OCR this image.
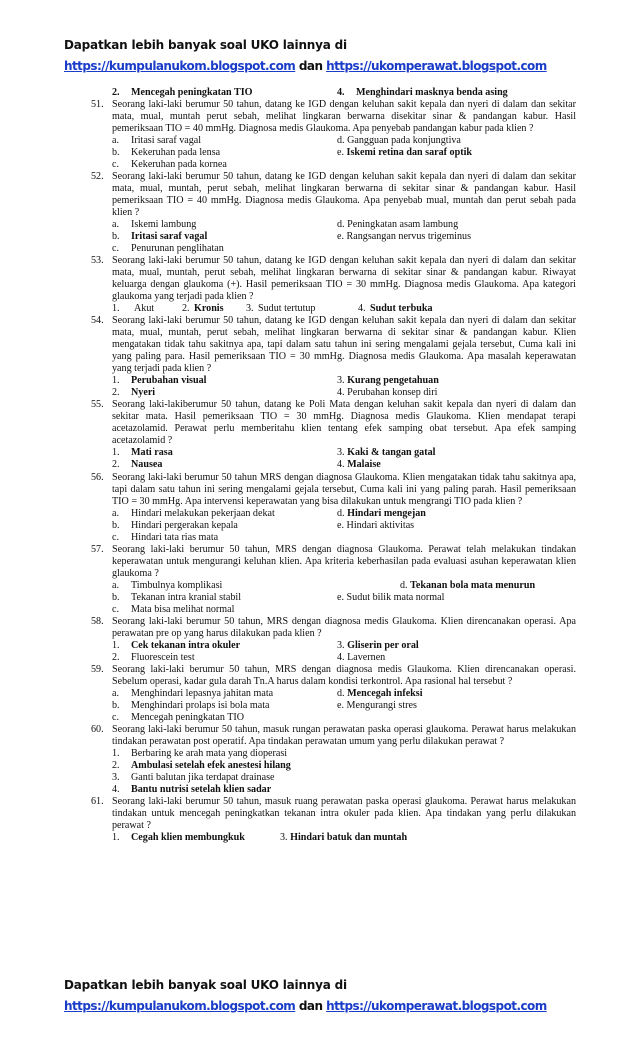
Dapatkan lebih banyak soal UKO lainnya di
https://kumpulanukom.blogspot.com dan https://ukomperawat.blogspot.com
2. Mencegah peningkatan TIO	4. Menghindari masknya benda asing
51. Seorang laki-laki berumur 50 tahun, datang ke IGD dengan keluhan sakit kepala dan nyeri di dalam dan sekitar mata, mual, muntah perut sebah, melihat lingkaran berwarna disekitar sinar & pandangan kabur. Hasil pemeriksaan TIO = 40 mmHg. Diagnosa medis Glaukoma. Apa penyebab pandangan kabur pada klien ?
a. Iritasi saraf vagal	d. Gangguan pada konjungtiva
b. Kekeruhan pada lensa	e. Iskemi retina dan saraf optik
c. Kekeruhan pada kornea
52. Seorang laki-laki berumur 50 tahun, datang ke IGD dengan keluhan sakit kepala dan nyeri di dalam dan sekitar mata, mual, muntah, perut sebah, melihat lingkaran berwarna di sekitar sinar & pandangan kabur. Hasil pemeriksaan TIO = 40 mmHg. Diagnosa medis Glaukoma. Apa penyebab mual, muntah dan perut sebah pada klien ?
a. Iskemi lambung	d. Peningkatan asam lambung
b. Iritasi saraf vagal	e. Rangsangan nervus trigeminus
c. Penurunan penglihatan
53. Seorang laki-laki berumur 50 tahun, datang ke IGD dengan keluhan sakit kepala dan nyeri di dalam dan sekitar mata, mual, muntah, perut sebah, melihat lingkaran berwarna di sekitar sinar & pandangan kabur. Riwayat keluarga dengan glaukoma (+). Hasil pemeriksaan TIO = 30 mmHg. Diagnosa medis Glaukoma. Apa kategori glaukoma yang terjadi pada klien ?
1. Akut	2. Kronis 3. Sudut tertutup	4. Sudut terbuka
54. Seorang laki-laki berumur 50 tahun, datang ke IGD dengan keluhan sakit kepala dan nyeri di dalam dan sekitar mata, mual, muntah, perut sebah, melihat lingkaran berwarna di sekitar sinar & pandangan kabur. Klien mengatakan tidak tahu sakitnya apa, tapi dalam satu tahun ini sering mengalami gejala tersebut, Cuma kali ini yang paling para. Hasil pemeriksaan TIO = 30 mmHg. Diagnosa medis Glaukoma. Apa masalah keperawatan yang terjadi pada klien ?
1. Perubahan visual	3. Kurang pengetahuan
2. Nyeri	4. Perubahan konsep diri
55. Seorang laki-lakiberumur 50 tahun, datang ke Poli Mata dengan keluhan sakit kepala dan nyeri di dalam dan sekitar mata. Hasil pemeriksaan TIO = 30 mmHg. Diagnosa medis Glaukoma. Klien mendapat terapi acetazolamid. Perawat perlu memberitahu klien tentang efek samping obat tersebut. Apa efek samping acetazolamid ?
1. Mati rasa	3. Kaki & tangan gatal
2. Nausea	4. Malaise
56. Seorang laki-laki berumur 50 tahun MRS dengan diagnosa Glaukoma. Klien mengatakan tidak tahu sakitnya apa, tapi dalam satu tahun ini sering mengalami gejala tersebut, Cuma kali ini yang paling parah. Hasil pemeriksaan TIO = 30 mmHg. Apa intervensi keperawatan yang bisa dilakukan untuk mengrangi TIO pada klien ?
a. Hindari melakukan pekerjaan dekat	d. Hindari mengejan
b. Hindari pergerakan kepala	e. Hindari aktivitas
c. Hindari tata rias mata
57. Seorang laki-laki berumur 50 tahun, MRS dengan diagnosa Glaukoma. Perawat telah melakukan tindakan keperawatan untuk mengurangi keluhan klien. Apa kriteria keberhasilan pada evaluasi asuhan keperawatan klien glaukoma ?
a. Timbulnya komplikasi	d. Tekanan bola mata menurun
b. Tekanan intra kranial stabil	e. Sudut bilik mata normal
c. Mata bisa melihat normal
58. Seorang laki-laki berumur 50 tahun, MRS dengan diagnosa medis Glaukoma. Klien direncanakan operasi. Apa perawatan pre op yang harus dilakukan pada klien ?
1. Cek tekanan intra okuler	3. Gliserin per oral
2. Fluorescein test	4. Lavernen
59. Seorang laki-laki berumur 50 tahun, MRS dengan diagnosa medis Glaukoma. Klien direncanakan operasi. Sebelum operasi, kadar gula darah Tn.A harus dalam kondisi terkontrol. Apa rasional hal tersebut ?
a. Menghindari lepasnya jahitan mata	d. Mencegah infeksi
b. Menghindari prolaps isi bola mata	e. Mengurangi stres
c. Mencegah peningkatan TIO
60. Seorang laki-laki berumur 50 tahun, masuk rungan perawatan paska operasi glaukoma. Perawat harus melakukan tindakan perawatan post operatif. Apa tindakan perawatan umum yang perlu dilakukan perawat ?
1. Berbaring ke arah mata yang dioperasi
2. Ambulasi setelah efek anestesi hilang
3. Ganti balutan jika terdapat drainase
4. Bantu nutrisi setelah klien sadar
61. Seorang laki-laki berumur 50 tahun, masuk ruang perawatan paska operasi glaukoma. Perawat harus melakukan tindakan untuk mencegah peningkatkan tekanan intra okuler pada klien. Apa tindakan yang perlu dilakukan perawat ?
1. Cegah klien membungkuk	3. Hindari batuk dan muntah
Dapatkan lebih banyak soal UKO lainnya di
https://kumpulanukom.blogspot.com dan https://ukomperawat.blogspot.com
